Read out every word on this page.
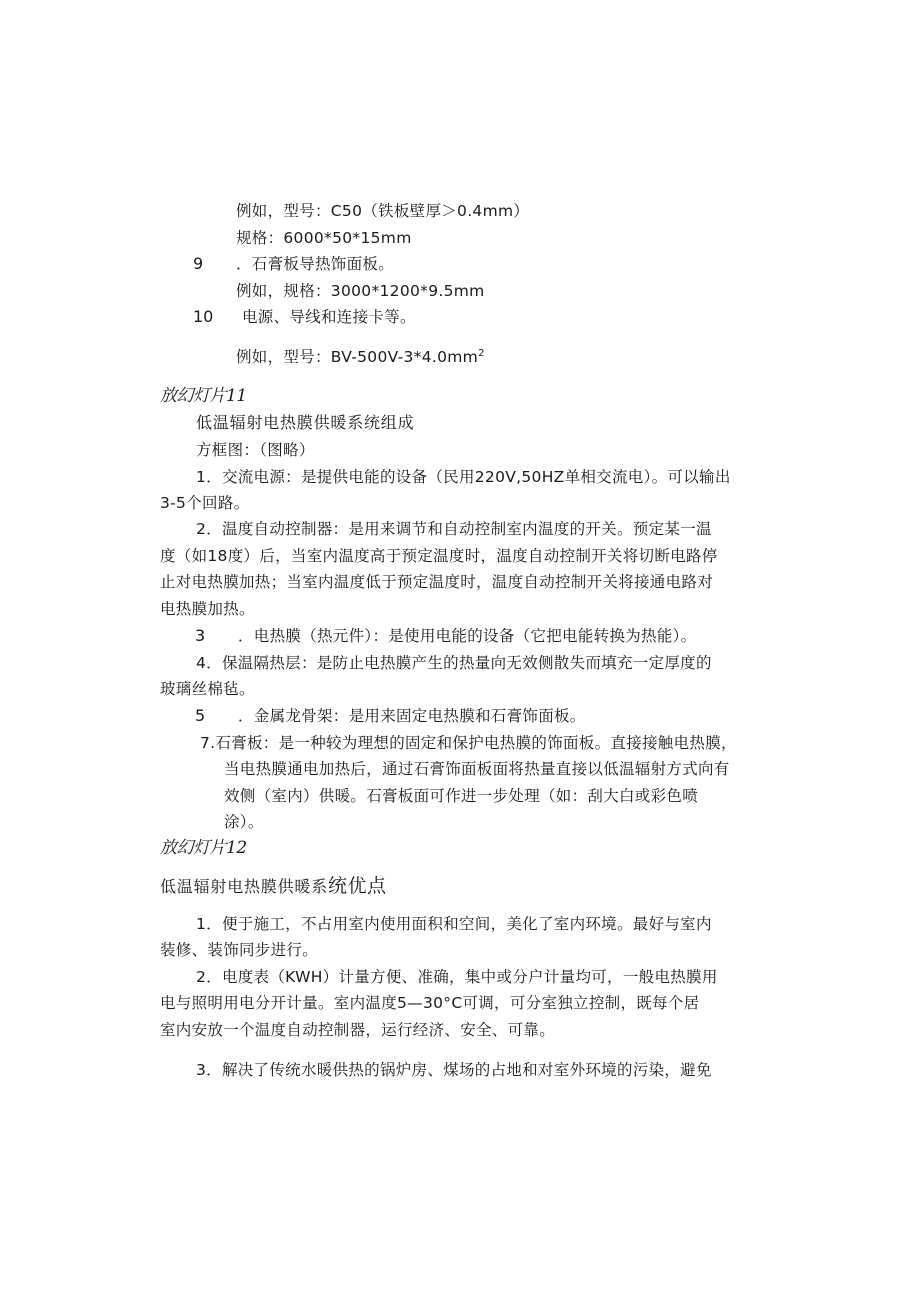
例如，型号：C50（铁板壁厚＞0.4mm）
规格：6000*50*15mm
9 ．石膏板导热饰面板。
例如，规格：3000*1200*9.5mm
10 电源、导线和连接卡等。
例如，型号：$BV-500V-3*4.0mm^2$
放幻灯片11
低温辐射电热膜供暖系统组成
方框图：（图略）
1．交流电源：是提供电能的设备（民用220V,50HZ单相交流电）。可以输出
3-5个回路。
2．温度自动控制器：是用来调节和自动控制室内温度的开关。预定某一温
度（如18度）后，当室内温度高于预定温度时，温度自动控制开关将切断电路停
止对电热膜加热；当室内温度低于预定温度时，温度自动控制开关将接通电路对
电热膜加热。
3 ．电热膜（热元件）：是使用电能的设备（它把电能转换为热能）。
4．保温隔热层：是防止电热膜产生的热量向无效侧散失而填充一定厚度的
玻璃丝棉毡。
5 ．金属龙骨架：是用来固定电热膜和石膏饰面板。
7.石膏板：是一种较为理想的固定和保护电热膜的饰面板。直接接触电热膜，
当电热膜通电加热后，通过石膏饰面板面将热量直接以低温辐射方式向有
效侧（室内）供暖。石膏板面可作进一步处理（如：刮大白或彩色喷
涂）。
放幻灯片12
低温辐射电热膜供暖系统优点
1．便于施工，不占用室内使用面积和空间，美化了室内环境。最好与室内
装修、装饰同步进行。
2．电度表（KWH）计量方便、准确，集中或分户计量均可，一般电热膜用
电与照明用电分开计量。室内温度5—30°C可调，可分室独立控制，既每个居
室内安放一个温度自动控制器，运行经济、安全、可靠。
3．解决了传统水暖供热的锅炉房、煤场的占地和对室外环境的污染，避免
